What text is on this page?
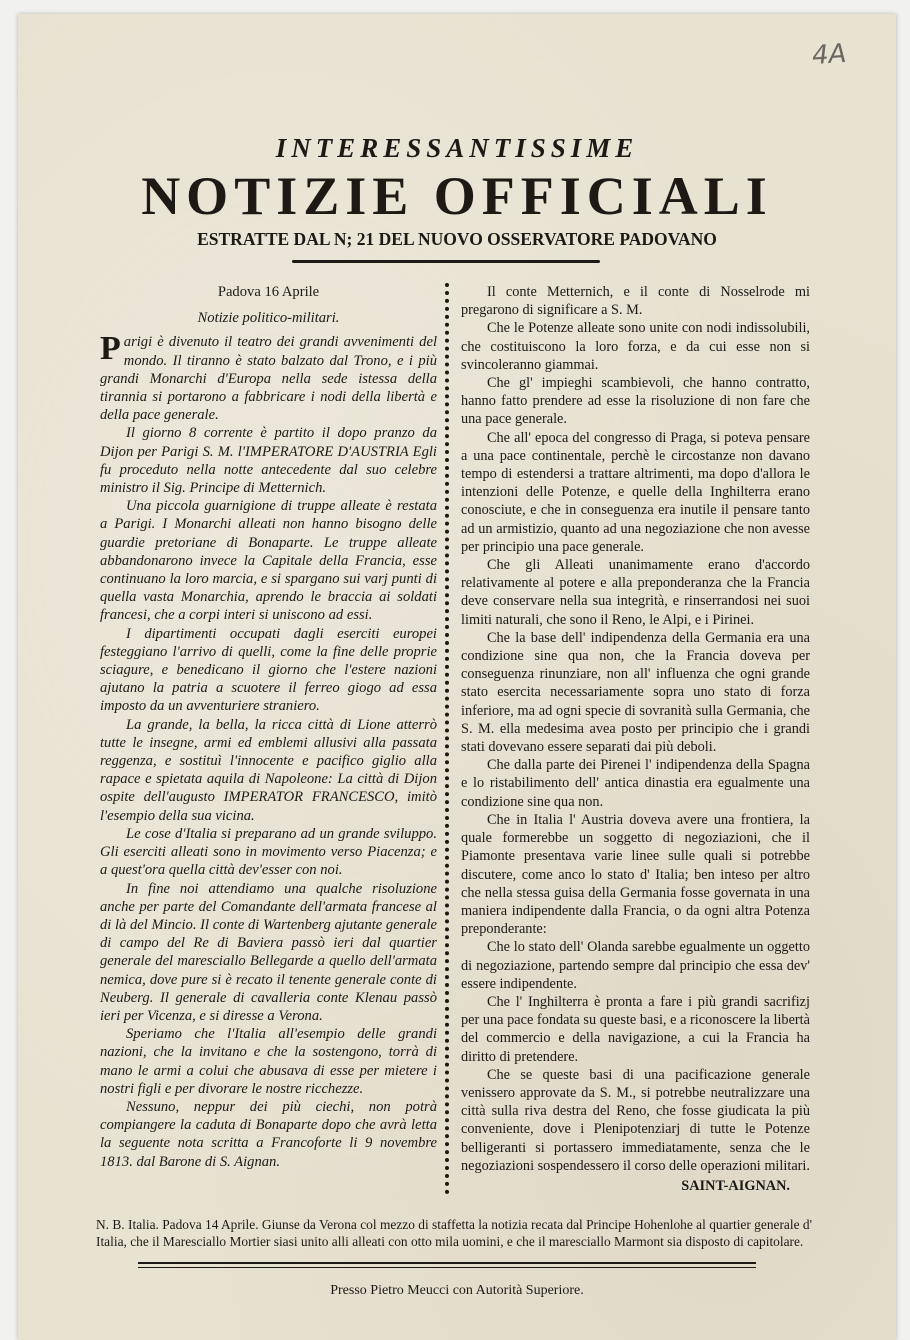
4A
INTERESSANTISSIME
NOTIZIE OFFICIALI
ESTRATTE DAL N; 21 DEL NUOVO OSSERVATORE PADOVANO

Padova 16 Aprile

Notizie politico-militari.

Parigi è divenuto il teatro dei grandi avvenimenti del mondo. Il tiranno è stato balzato dal Trono, e i più grandi Monarchi d'Europa nella sede istessa della tirannia si portarono a fabbricare i nodi della libertà e della pace generale.

Il giorno 8 corrente è partito il dopo pranzo da Dijon per Parigi S. M. l'IMPERATORE D'AUSTRIA Egli fu proceduto nella notte antecedente dal suo celebre ministro il Sig. Principe di Metternich.

Una piccola guarnigione di truppe alleate è restata a Parigi. I Monarchi alleati non hanno bisogno delle guardie pretoriane di Bonaparte. Le truppe alleate abbandonarono invece la Capitale della Francia, esse continuano la loro marcia, e si spargano sui varj punti di quella vasta Monarchia, aprendo le braccia ai soldati francesi, che a corpi interi si uniscono ad essi.

I dipartimenti occupati dagli eserciti europei festeggiano l'arrivo di quelli, come la fine delle proprie sciagure, e benedicano il giorno che l'estere nazioni ajutano la patria a scuotere il ferreo giogo ad essa imposto da un avventuriere straniero.

La grande, la bella, la ricca città di Lione atterrò tutte le insegne, armi ed emblemi allusivi alla passata reggenza, e sostituì l'innocente e pacifico giglio alla rapace e spietata aquila di Napoleone: La città di Dijon ospite dell'augusto IMPERATOR FRANCESCO, imitò l'esempio della sua vicina.

Le cose d'Italia si preparano ad un grande sviluppo. Gli eserciti alleati sono in movimento verso Piacenza; e a quest'ora quella città dev'esser con noi.

In fine noi attendiamo una qualche risoluzione anche per parte del Comandante dell'armata francese al di là del Mincio. Il conte di Wartenberg ajutante generale di campo del Re di Baviera passò ieri dal quartier generale del maresciallo Bellegarde a quello dell'armata nemica, dove pure si è recato il tenente generale conte di Neuberg. Il generale di cavalleria conte Klenau passò ieri per Vicenza, e si diresse a Verona.

Speriamo che l'Italia all'esempio delle grandi nazioni, che la invitano e che la sostengono, torrà di mano le armi a colui che abusava di esse per mietere i nostri figli e per divorare le nostre ricchezze.

Nessuno, neppur dei più ciechi, non potrà compiangere la caduta di Bonaparte dopo che avrà letta la seguente nota scritta a Francoforte li 9 novembre 1813. dal Barone di S. Aignan.

Il conte Metternich, e il conte di Nosselrode mi pregarono di significare a S. M.

Che le Potenze alleate sono unite con nodi indissolubili, che costituiscono la loro forza, e da cui esse non si svincoleranno giammai.

Che gl' impieghi scambievoli, che hanno contratto, hanno fatto prendere ad esse la risoluzione di non fare che una pace generale.

Che all' epoca del congresso di Praga, si poteva pensare a una pace continentale, perchè le circostanze non davano tempo di estendersi a trattare altrimenti, ma dopo d'allora le intenzioni delle Potenze, e quelle della Inghilterra erano conosciute, e che in conseguenza era inutile il pensare tanto ad un armistizio, quanto ad una negoziazione che non avesse per principio una pace generale.

Che gli Alleati unanimamente erano d'accordo relativamente al potere e alla preponderanza che la Francia deve conservare nella sua integrità, e rinserrandosi nei suoi limiti naturali, che sono il Reno, le Alpi, e i Pirinei.

Che la base dell' indipendenza della Germania era una condizione sine qua non, che la Francia doveva per conseguenza rinunziare, non all' influenza che ogni grande stato esercita necessariamente sopra uno stato di forza inferiore, ma ad ogni specie di sovranità sulla Germania, che S. M. ella medesima avea posto per principio che i grandi stati dovevano essere separati dai più deboli.

Che dalla parte dei Pirenei l' indipendenza della Spagna e lo ristabilimento dell' antica dinastia era egualmente una condizione sine qua non.

Che in Italia l' Austria doveva avere una frontiera, la quale formerebbe un soggetto di negoziazioni, che il Piamonte presentava varie linee sulle quali si potrebbe discutere, come anco lo stato d' Italia; ben inteso per altro che nella stessa guisa della Germania fosse governata in una maniera indipendente dalla Francia, o da ogni altra Potenza preponderante:

Che lo stato dell' Olanda sarebbe egualmente un oggetto di negoziazione, partendo sempre dal principio che essa dev' essere indipendente.

Che l' Inghilterra è pronta a fare i più grandi sacrifizj per una pace fondata su queste basi, e a riconoscere la libertà del commercio e della navigazione, a cui la Francia ha diritto di pretendere.

Che se queste basi di una pacificazione generale venissero approvate da S. M., si potrebbe neutralizzare una città sulla riva destra del Reno, che fosse giudicata la più conveniente, dove i Plenipotenziarj di tutte le Potenze belligeranti si portassero immediatamente, senza che le negoziazioni sospendessero il corso delle operazioni militari.

SAINT-AIGNAN.

N. B. Italia. Padova 14 Aprile. Giunse da Verona col mezzo di staffetta la notizia recata dal Principe Hohenlohe al quartier generale d' Italia, che il Maresciallo Mortier siasi unito alli alleati con otto mila uomini, e che il maresciallo Marmont sia disposto di capitolare.
Presso Pietro Meucci con Autorità Superiore.
